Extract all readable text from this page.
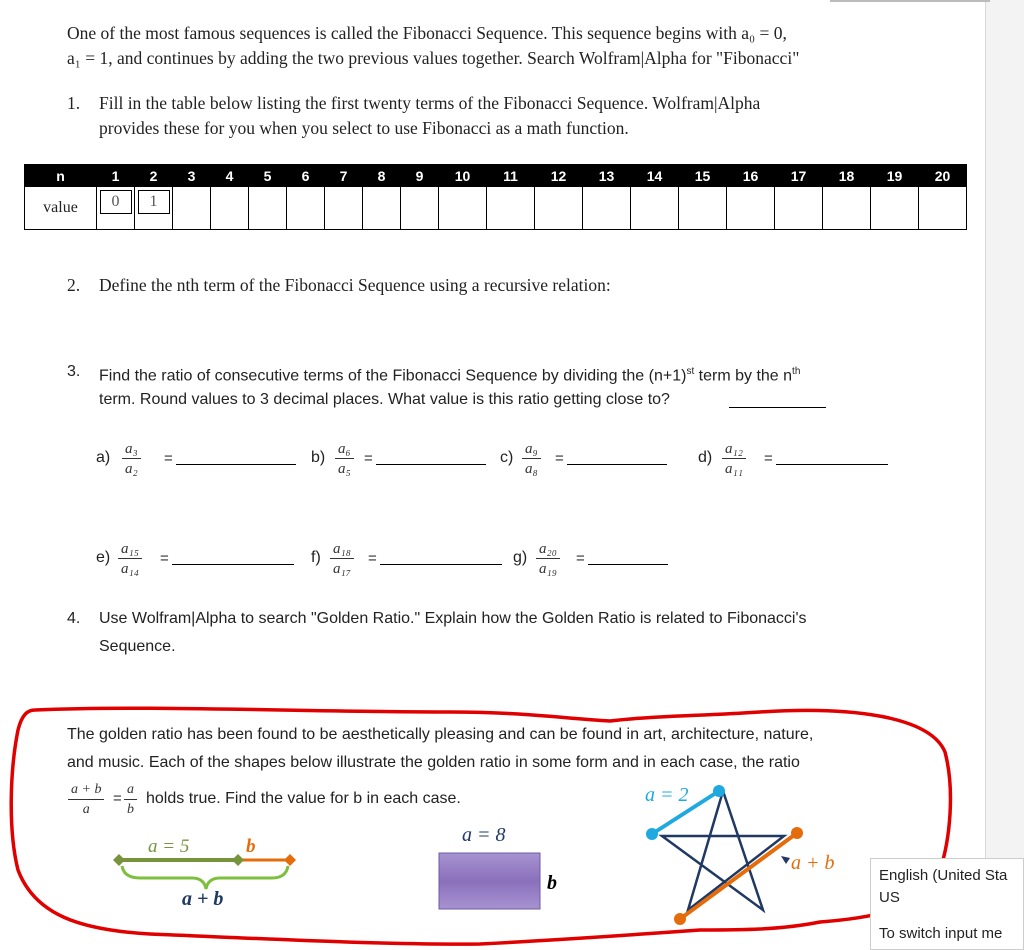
One of the most famous sequences is called the Fibonacci Sequence. This sequence begins with a₀ = 0,
a₁ = 1, and continues by adding the two previous values together. Search Wolfram|Alpha for "Fibonacci"
1. Fill in the table below listing the first twenty terms of the Fibonacci Sequence. Wolfram|Alpha
provides these for you when you select to use Fibonacci as a math function.
n	1	2	3	4	5	6	7	8	9	10	11	12	13	14	15	16	17	18	19	20
value	0	1																		
2. Define the nth term of the Fibonacci Sequence using a recursive relation:
3. Find the ratio of consecutive terms of the Fibonacci Sequence by dividing the $(n+1)^{st}$ term by the $n^{th}$
term. Round values to 3 decimal places. What value is this ratio getting close to?
$a) \frac{\text{a₃}}{\text{a₂}}$ =	$b) \frac{\text{a₆}}{\text{a₅}}$ =	$c) \frac{\text{a₉}}{\text{a₈}}$ =	$d) \frac{\text{a₁₂}}{\text{a₁₁}}$ =
$e) \frac{\text{a₁₅}}{\text{a₁₄}}$ =	$f) \frac{\text{a₁₈}}{\text{a₁₇}}$ =	$g) \frac{\text{a₂₀}}{\text{a₁₉}}$ =
4. Use Wolfram|Alpha to search "Golden Ratio." Explain how the Golden Ratio is related to Fibonacci's
Sequence.
The golden ratio has been found to be aesthetically pleasing and can be found in art, architecture, nature,
and music. Each of the shapes below illustrate the golden ratio in some form and in each case, the ratio
$\frac{a + b}{a} = \frac{a}{b}$ holds true. Find the value for b in each case.
a = 5	b
a + b
a = 8
b
a = 2
a + b
English (United Sta
US
To switch input me
